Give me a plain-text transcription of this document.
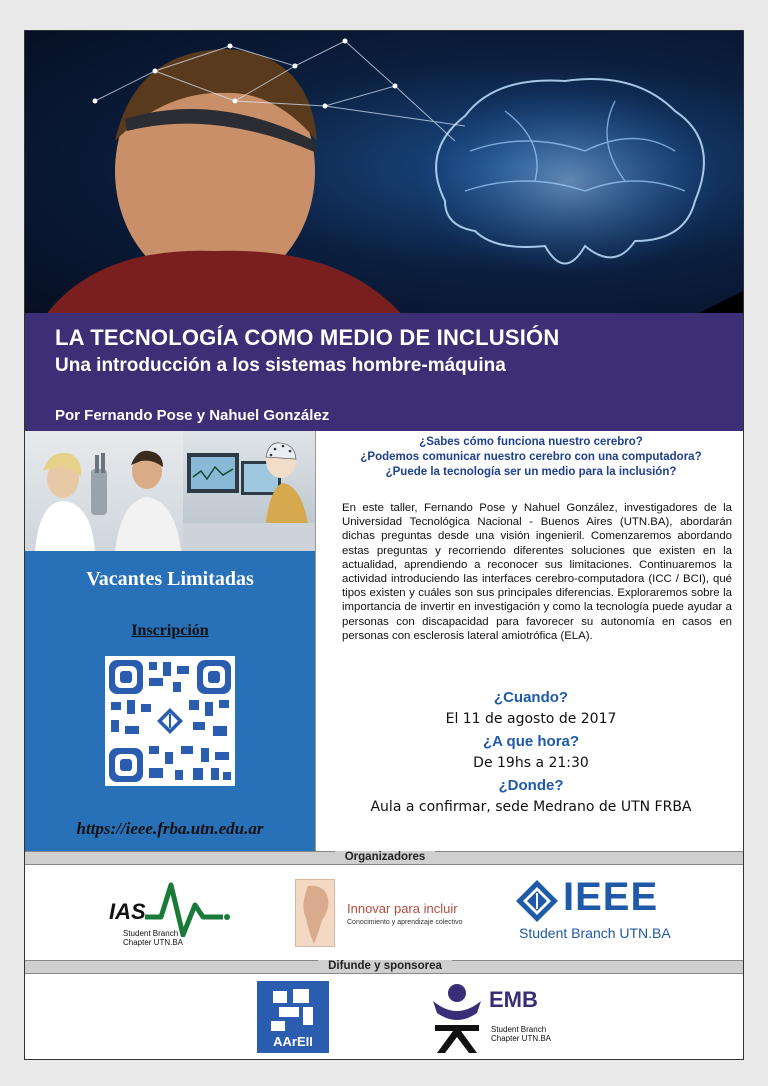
LA TECNOLOGÍA COMO MEDIO DE INCLUSIÓN
Una introducción a los sistemas hombre-máquina
Por Fernando Pose y Nahuel González
Vacantes Limitadas
Inscripción
https://ieee.frba.utn.edu.ar
¿Sabes cómo funciona nuestro cerebro?
¿Podemos comunicar nuestro cerebro con una computadora?
¿Puede la tecnología ser un medio para la inclusión?
En este taller, Fernando Pose y Nahuel González, investigadores de la Universidad Tecnológica Nacional - Buenos Aires (UTN.BA), abordarán dichas preguntas desde una visión ingenieril. Comenzaremos abordando estas preguntas y recorriendo diferentes soluciones que existen en la actualidad, aprendiendo a reconocer sus limitaciones. Continuaremos la actividad introduciendo las interfaces cerebro-computadora (ICC / BCI), qué tipos existen y cuáles son sus principales diferencias. Exploraremos sobre la importancia de invertir en investigación y como la tecnología puede ayudar a personas con discapacidad para favorecer su autonomía en casos en personas con esclerosis lateral amiotrófica (ELA).
¿Cuando?
El 11 de agosto de 2017
¿A que hora?
De 19hs a 21:30
¿Donde?
Aula a confirmar, sede Medrano de UTN FRBA
Organizadores
IAS
Student Branch
Chapter UTN.BA
Innovar para incluir
Conocimiento y aprendizaje colectivo
IEEE
Student Branch UTN.BA
Difunde y sponsorea
AArEII
EMB
Student Branch
Chapter UTN.BA
